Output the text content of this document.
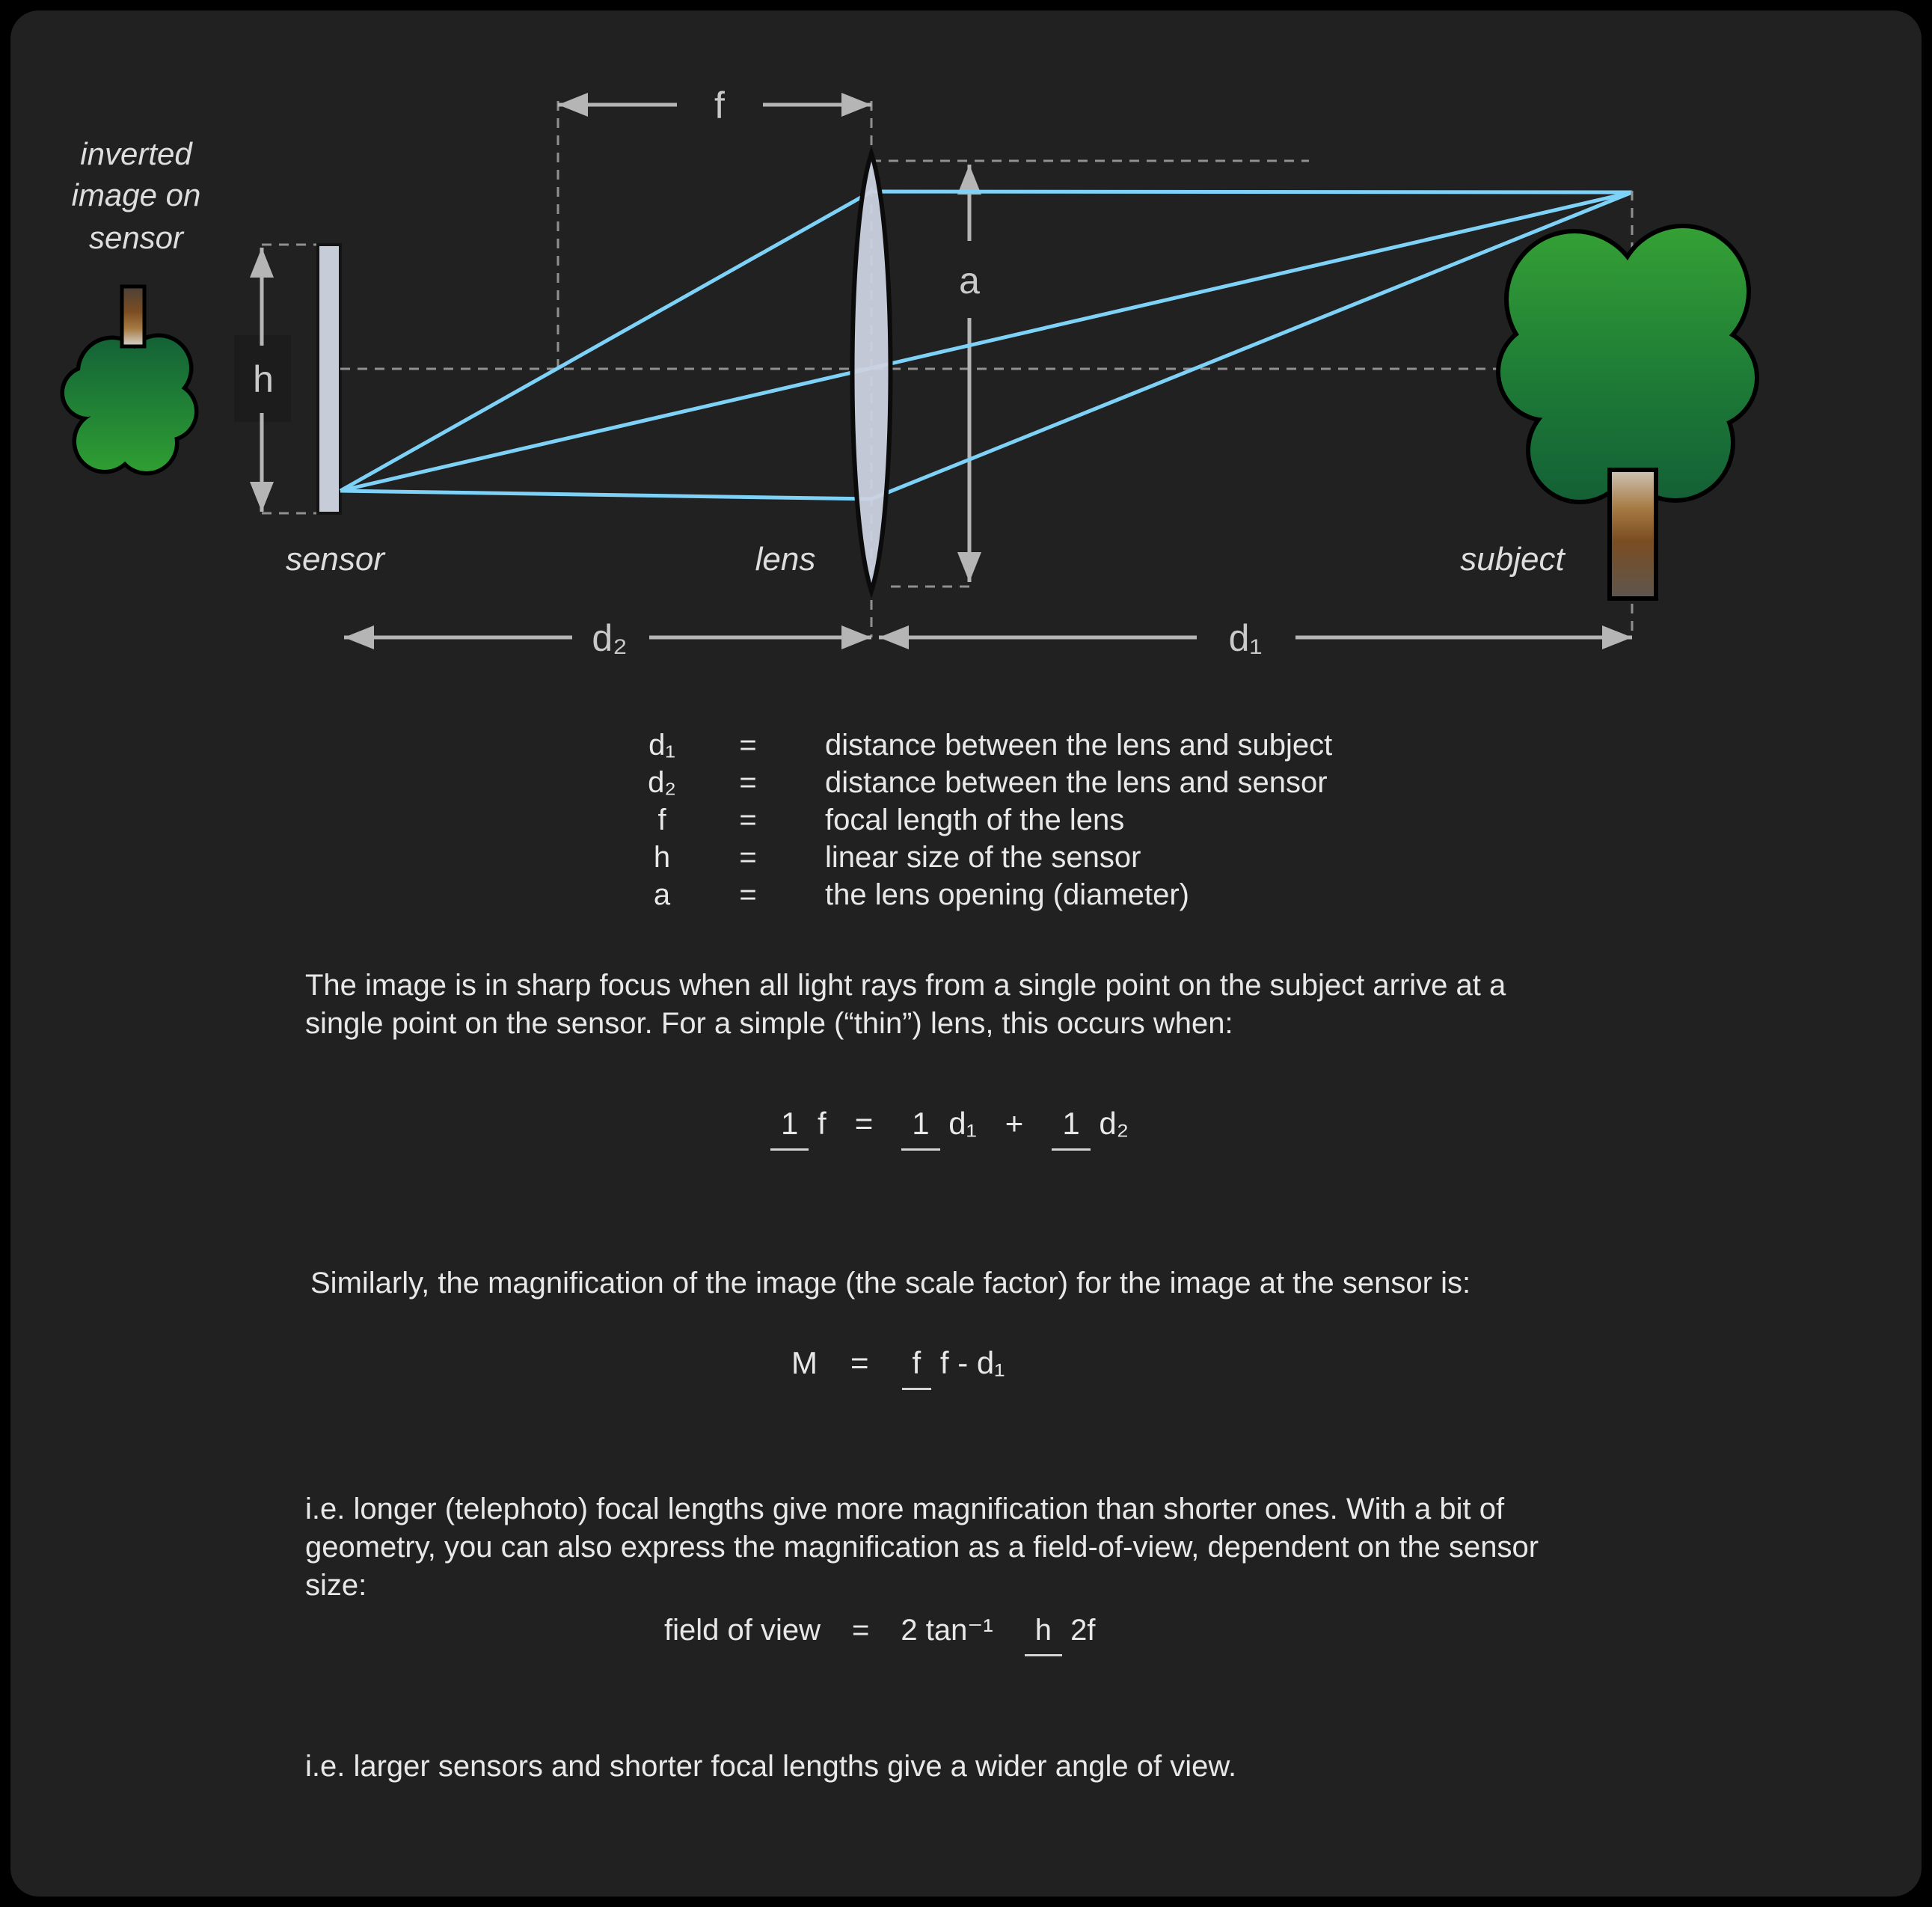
inverted
image on
sensor
h
sensor
f
a
lens	subject
d₂	d₁
d₁	=	distance between the lens and subject
d₂	=	distance between the lens and sensor
f	=	focal length of the lens
h	=	linear size of the sensor
a	=	the lens opening (diameter)
The image is in sharp focus when all light rays from a single point on the subject arrive at a
single point on the sensor. For a simple (“thin”) lens, this occurs when:
1 f =	1 d₁ +	1 d₂
Similarly, the magnification of the image (the scale factor) for the image at the sensor is:
M =	f f - d₁
i.e. longer (telephoto) focal lengths give more magnification than shorter ones. With a bit of
geometry, you can also express the magnification as a field-of-view, dependent on the sensor
size:
field of view = 2 tan⁻¹	h 2f
i.e. larger sensors and shorter focal lengths give a wider angle of view.
